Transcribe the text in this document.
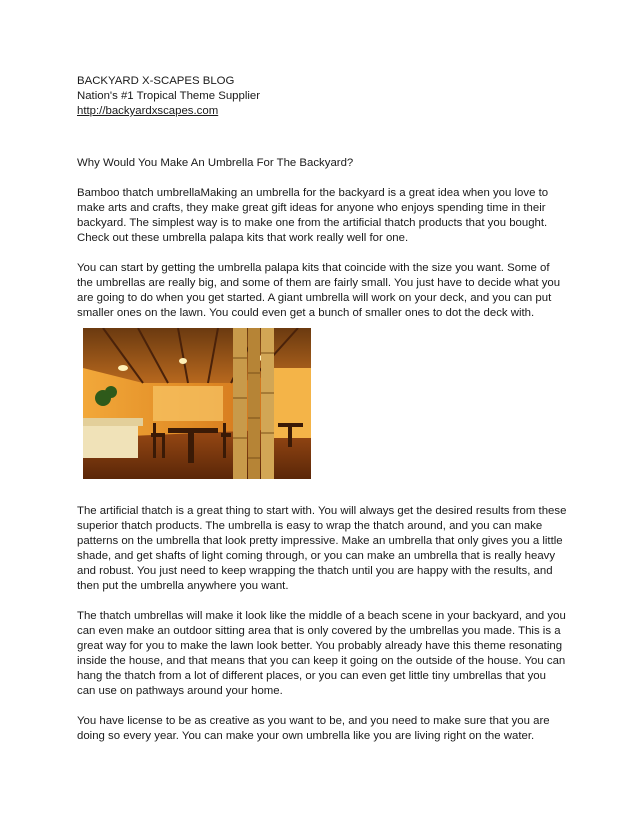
BACKYARD X-SCAPES BLOG
Nation's #1 Tropical Theme Supplier
http://backyardxscapes.com
Why Would You Make An Umbrella For The Backyard?

Bamboo thatch umbrellaMaking an umbrella for the backyard is a great idea when you love to make arts and crafts, they make great gift ideas for anyone who enjoys spending time in their backyard. The simplest way is to make one from the artificial thatch products that you bought. Check out these umbrella palapa kits that work really well for one.

You can start by getting the umbrella palapa kits that coincide with the size you want. Some of the umbrellas are really big, and some of them are fairly small. You just have to decide what you are going to do when you get started. A giant umbrella will work on your deck, and you can put smaller ones on the lawn. You could even get a bunch of smaller ones to dot the deck with.

The artificial thatch is a great thing to start with. You will always get the desired results from these superior thatch products. The umbrella is easy to wrap the thatch around, and you can make patterns on the umbrella that look pretty impressive. Make an umbrella that only gives you a little shade, and get shafts of light coming through, or you can make an umbrella that is really heavy and robust. You just need to keep wrapping the thatch until you are happy with the results, and then put the umbrella anywhere you want.

The thatch umbrellas will make it look like the middle of a beach scene in your backyard, and you can even make an outdoor sitting area that is only covered by the umbrellas you made. This is a great way for you to make the lawn look better. You probably already have this theme resonating inside the house, and that means that you can keep it going on the outside of the house. You can hang the thatch from a lot of different places, or you can even get little tiny umbrellas that you can use on pathways around your home.

You have license to be as creative as you want to be, and you need to make sure that you are doing so every year. You can make your own umbrella like you are living right on the water.
